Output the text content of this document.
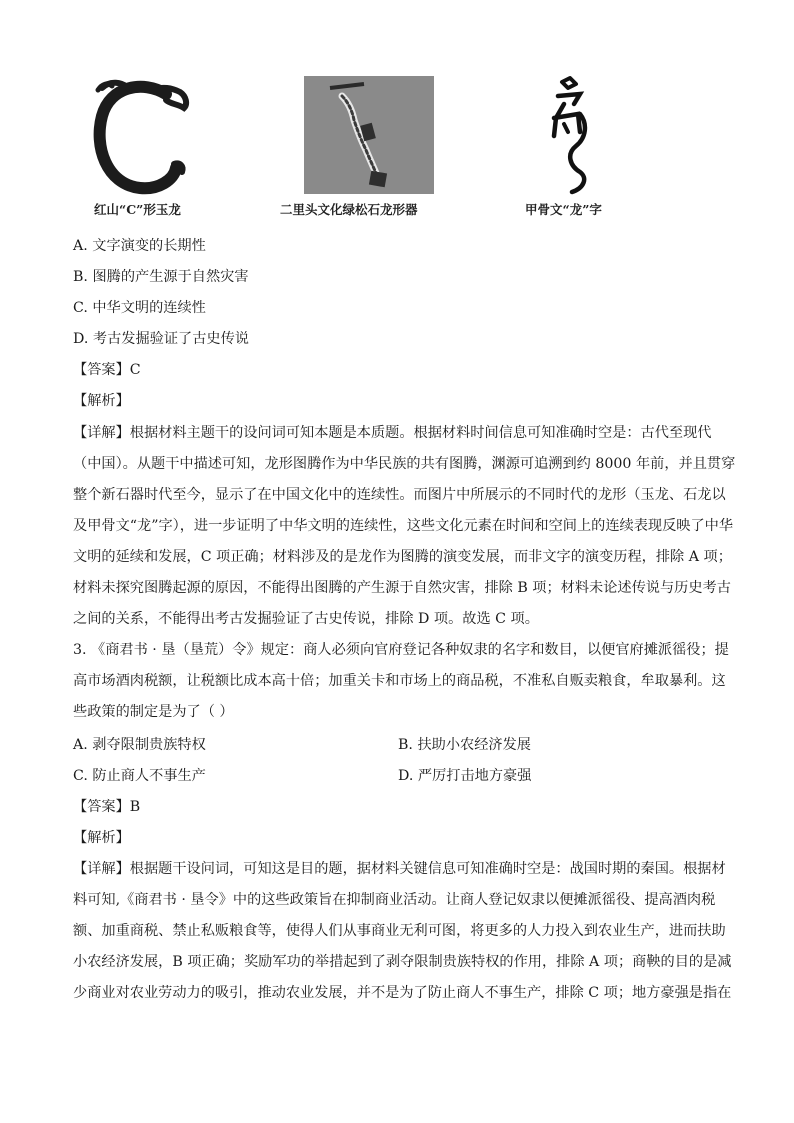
红山“C”形玉龙	二里头文化绿松石龙形器	甲骨文“龙”字
A. 文字演变的长期性
B. 图腾的产生源于自然灾害
C. 中华文明的连续性
D. 考古发掘验证了古史传说
【答案】C
【解析】
【详解】根据材料主题干的设问词可知本题是本质题。根据材料时间信息可知准确时空是：古代至现代
（中国）。从题干中描述可知，龙形图腾作为中华民族的共有图腾，渊源可追溯到约 8000 年前，并且贯穿
整个新石器时代至今，显示了在中国文化中的连续性。而图片中所展示的不同时代的龙形（玉龙、石龙以
及甲骨文“龙”字），进一步证明了中华文明的连续性，这些文化元素在时间和空间上的连续表现反映了中华
文明的延续和发展，C 项正确；材料涉及的是龙作为图腾的演变发展，而非文字的演变历程，排除 A 项；
材料未探究图腾起源的原因，不能得出图腾的产生源于自然灾害，排除 B 项；材料未论述传说与历史考古
之间的关系，不能得出考古发掘验证了古史传说，排除 D 项。故选 C 项。
3. 《商君书 · 垦（垦荒）令》规定：商人必须向官府登记各种奴隶的名字和数目，以便官府摊派徭役；提
高市场酒肉税额，让税额比成本高十倍；加重关卡和市场上的商品税，不准私自贩卖粮食，牟取暴利。这
些政策的制定是为了（ ）
A. 剥夺限制贵族特权	B. 扶助小农经济发展
C. 防止商人不事生产	D. 严厉打击地方豪强
【答案】B
【解析】
【详解】根据题干设问词，可知这是目的题，据材料关键信息可知准确时空是：战国时期的秦国。根据材
料可知,《商君书 · 垦令》中的这些政策旨在抑制商业活动。让商人登记奴隶以便摊派徭役、提高酒肉税
额、加重商税、禁止私贩粮食等，使得人们从事商业无利可图，将更多的人力投入到农业生产，进而扶助
小农经济发展，B 项正确；奖励军功的举措起到了剥夺限制贵族特权的作用，排除 A 项；商鞅的目的是减
少商业对农业劳动力的吸引，推动农业发展，并不是为了防止商人不事生产，排除 C 项；地方豪强是指在
